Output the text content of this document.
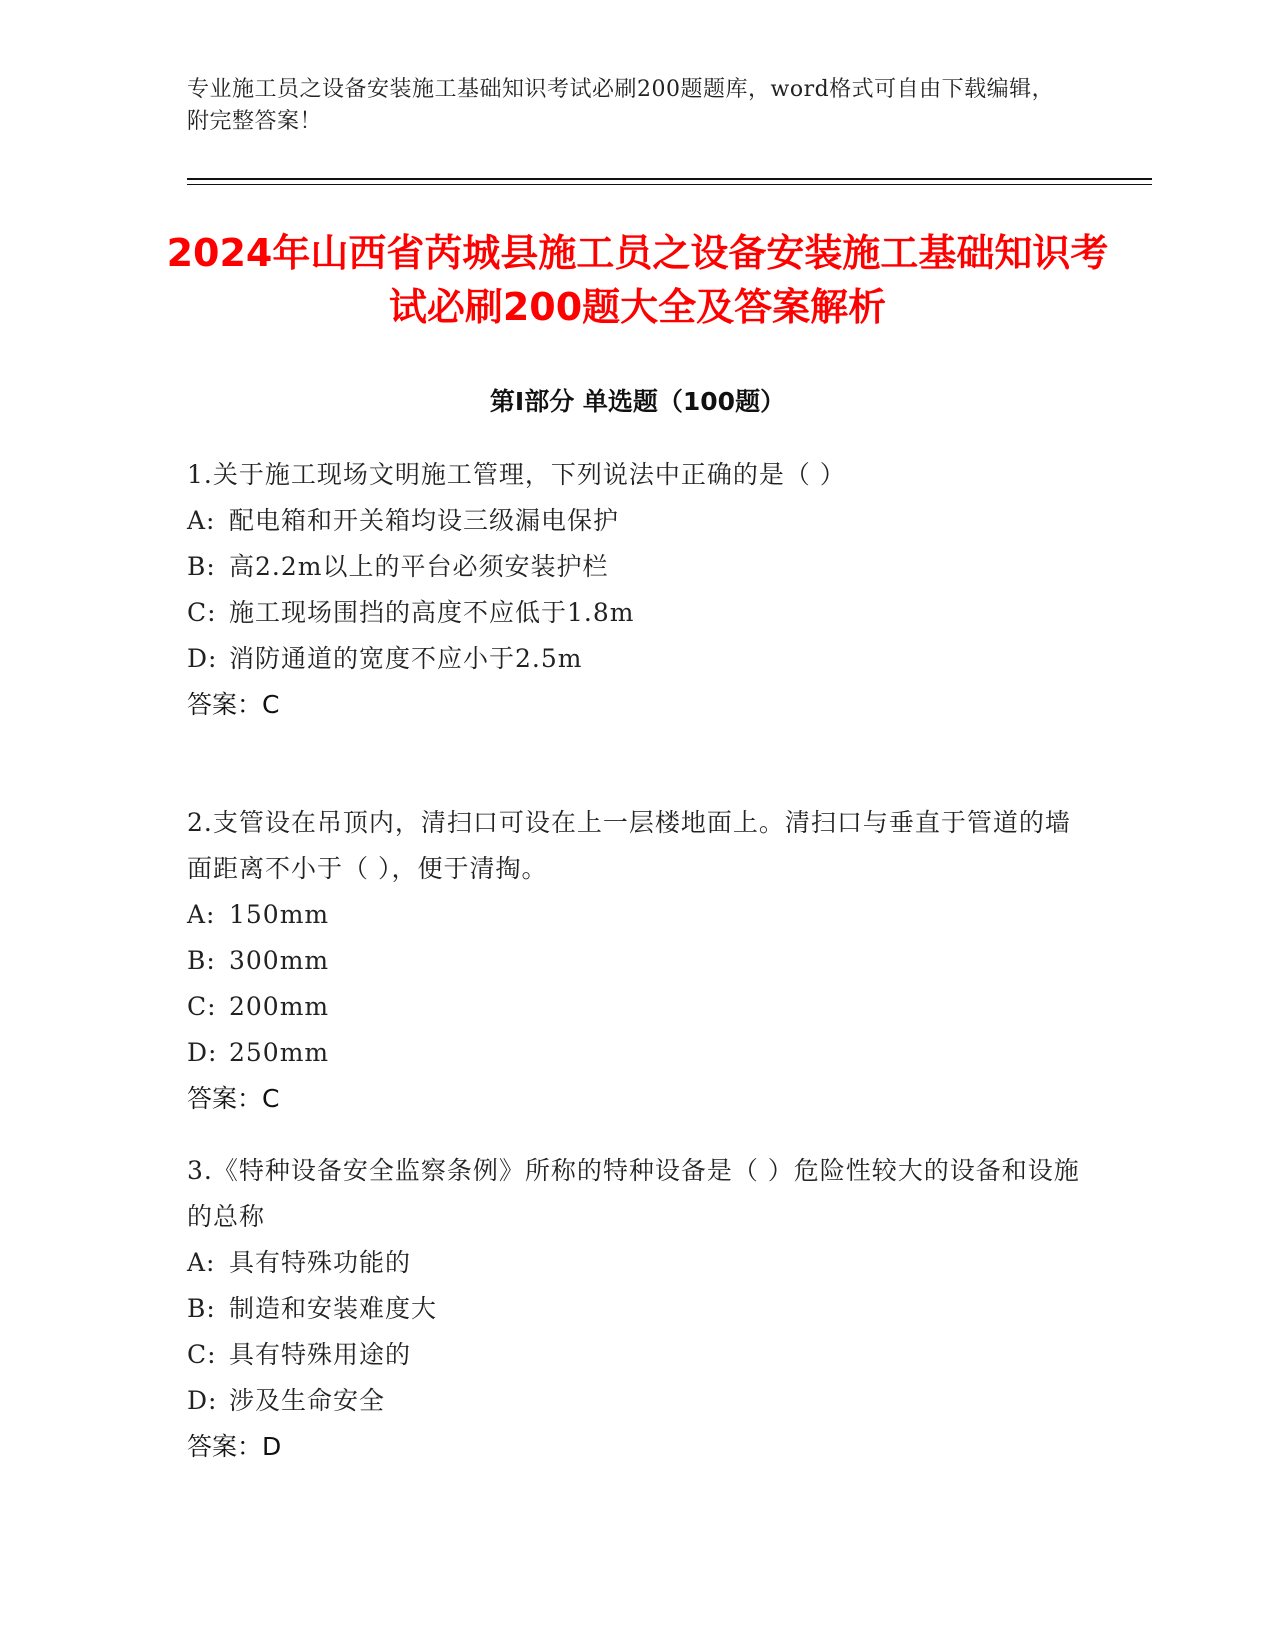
专业施工员之设备安装施工基础知识考试必刷200题题库，word格式可自由下载编辑，附完整答案！
2024年山西省芮城县施工员之设备安装施工基础知识考试必刷200题大全及答案解析
第Ⅰ部分 单选题（100题）

1.关于施工现场文明施工管理，下列说法中正确的是（ ）

A: 配电箱和开关箱均设三级漏电保护

B: 高2.2m以上的平台必须安装护栏

C: 施工现场围挡的高度不应低于1.8m

D: 消防通道的宽度不应小于2.5m

答案：C

2.支管设在吊顶内，清扫口可设在上一层楼地面上。清扫口与垂直于管道的墙面距离不小于（ ），便于清掏。

A: 150mm

B: 300mm

C: 200mm

D: 250mm

答案：C

3.《特种设备安全监察条例》所称的特种设备是（ ）危险性较大的设备和设施的总称

A: 具有特殊功能的

B: 制造和安装难度大

C: 具有特殊用途的

D: 涉及生命安全

答案：D
